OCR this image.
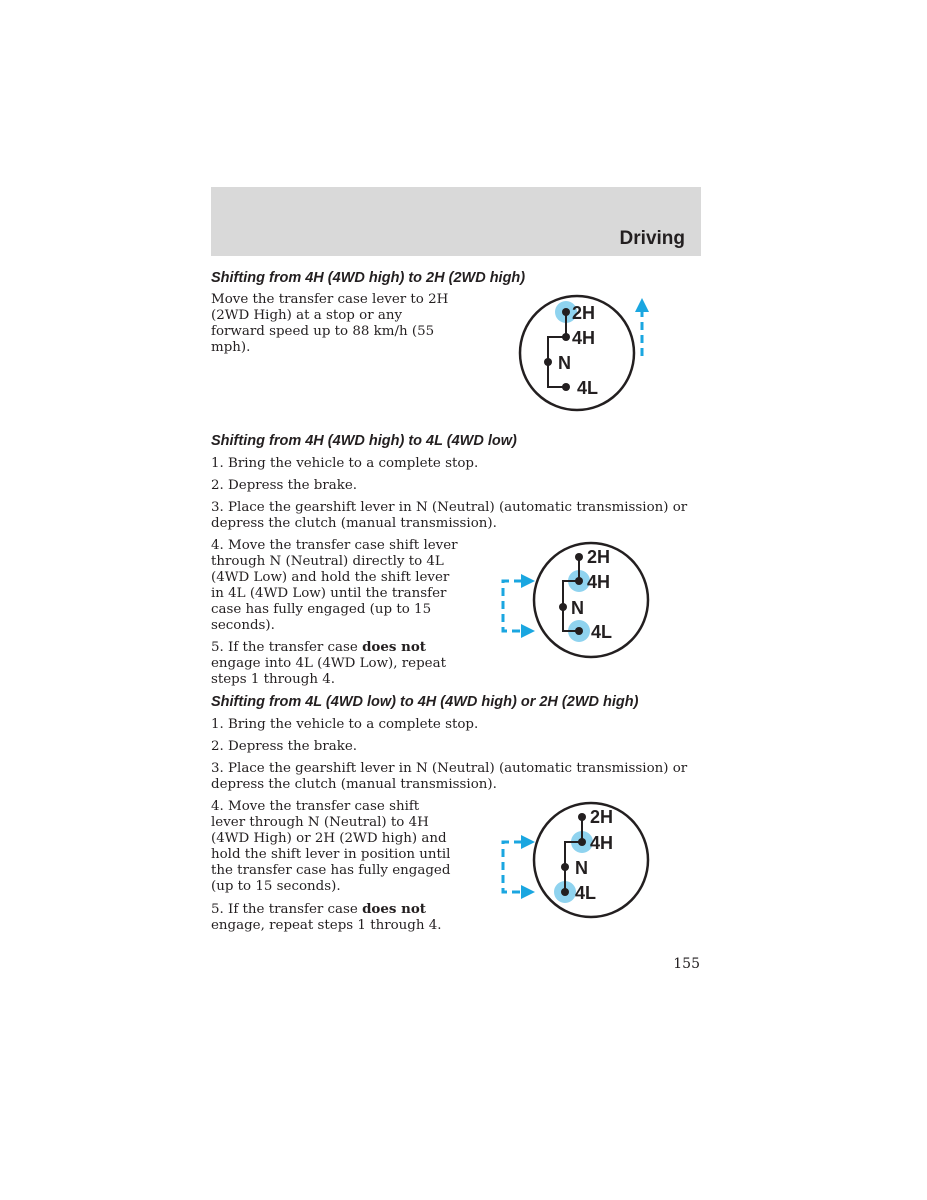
Driving
Shifting from 4H (4WD high) to 2H (2WD high)

Move the transfer case lever to 2H (2WD High) at a stop or any forward speed up to 88 km/h (55 mph).

2H
4H
N
4L
Shifting from 4H (4WD high) to 4L (4WD low)

1. Bring the vehicle to a complete stop.

2. Depress the brake.

3. Place the gearshift lever in N (Neutral) (automatic transmission) or depress the clutch (manual transmission).

4. Move the transfer case shift lever through N (Neutral) directly to 4L (4WD Low) and hold the shift lever in 4L (4WD Low) until the transfer case has fully engaged (up to 15 seconds).

5. If the transfer case does not engage into 4L (4WD Low), repeat steps 1 through 4.

2H
4H
N
4L
Shifting from 4L (4WD low) to 4H (4WD high) or 2H (2WD high)

1. Bring the vehicle to a complete stop.

2. Depress the brake.

3. Place the gearshift lever in N (Neutral) (automatic transmission) or depress the clutch (manual transmission).

4. Move the transfer case shift lever through N (Neutral) to 4H (4WD High) or 2H (2WD high) and hold the shift lever in position until the transfer case has fully engaged (up to 15 seconds).

5. If the transfer case does not engage, repeat steps 1 through 4.

2H
4H
N
4L
155
